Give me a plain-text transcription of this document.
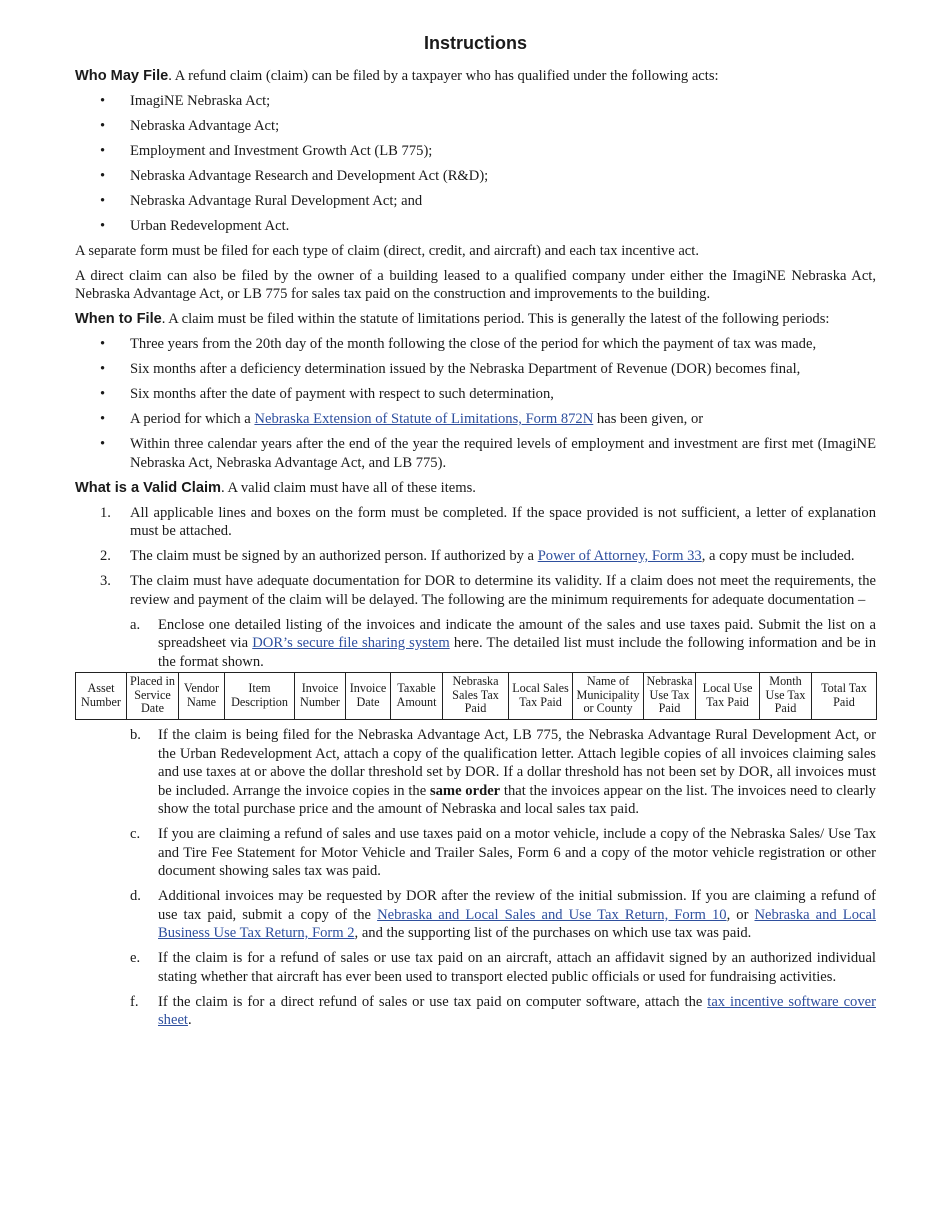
Instructions

Who May File. A refund claim (claim) can be filed by a taxpayer who has qualified under the following acts:

• ImagiNE Nebraska Act;
• Nebraska Advantage Act;
• Employment and Investment Growth Act (LB 775);
• Nebraska Advantage Research and Development Act (R&D);
• Nebraska Advantage Rural Development Act; and
• Urban Redevelopment Act.

A separate form must be filed for each type of claim (direct, credit, and aircraft) and each tax incentive act.

A direct claim can also be filed by the owner of a building leased to a qualified company under either the ImagiNE Nebraska Act, Nebraska Advantage Act, or LB 775 for sales tax paid on the construction and improvements to the building.

When to File. A claim must be filed within the statute of limitations period. This is generally the latest of the following periods:

• Three years from the 20th day of the month following the close of the period for which the payment of tax was made,
• Six months after a deficiency determination issued by the Nebraska Department of Revenue (DOR) becomes final,
• Six months after the date of payment with respect to such determination,
• A period for which a Nebraska Extension of Statute of Limitations, Form 872N has been given, or
• Within three calendar years after the end of the year the required levels of employment and investment are first met (ImagiNE Nebraska Act, Nebraska Advantage Act, and LB 775).

What is a Valid Claim. A valid claim must have all of these items.

1. All applicable lines and boxes on the form must be completed. If the space provided is not sufficient, a letter of explanation must be attached.
2. The claim must be signed by an authorized person. If authorized by a Power of Attorney, Form 33, a copy must be included.
3. The claim must have adequate documentation for DOR to determine its validity. If a claim does not meet the requirements, the review and payment of the claim will be delayed. The following are the minimum requirements for adequate documentation –
a. Enclose one detailed listing of the invoices and indicate the amount of the sales and use taxes paid. Submit the list on a spreadsheet via DOR’s secure file sharing system here. The detailed list must include the following information and be in the format shown.
Asset Number	Placed in Service Date	Vendor Name	Item Description	Invoice Number	Invoice Date	Taxable Amount	Nebraska Sales Tax Paid	Local Sales Tax Paid	Name of Municipality or County	Nebraska Use Tax Paid	Local Use Tax Paid	Month Use Tax Paid	Total Tax Paid
b. If the claim is being filed for the Nebraska Advantage Act, LB 775, the Nebraska Advantage Rural Development Act, or the Urban Redevelopment Act, attach a copy of the qualification letter. Attach legible copies of all invoices claiming sales and use taxes at or above the dollar threshold set by DOR. If a dollar threshold has not been set by DOR, all invoices must be included. Arrange the invoice copies in the same order that the invoices appear on the list. The invoices need to clearly show the total purchase price and the amount of Nebraska and local sales tax paid.
c. If you are claiming a refund of sales and use taxes paid on a motor vehicle, include a copy of the Nebraska Sales/ Use Tax and Tire Fee Statement for Motor Vehicle and Trailer Sales, Form 6 and a copy of the motor vehicle registration or other document showing sales tax was paid.
d. Additional invoices may be requested by DOR after the review of the initial submission. If you are claiming a refund of use tax paid, submit a copy of the Nebraska and Local Sales and Use Tax Return, Form 10, or Nebraska and Local Business Use Tax Return, Form 2, and the supporting list of the purchases on which use tax was paid.
e. If the claim is for a refund of sales or use tax paid on an aircraft, attach an affidavit signed by an authorized individual stating whether that aircraft has ever been used to transport elected public officials or used for fundraising activities.
f. If the claim is for a direct refund of sales or use tax paid on computer software, attach the tax incentive software cover sheet.
